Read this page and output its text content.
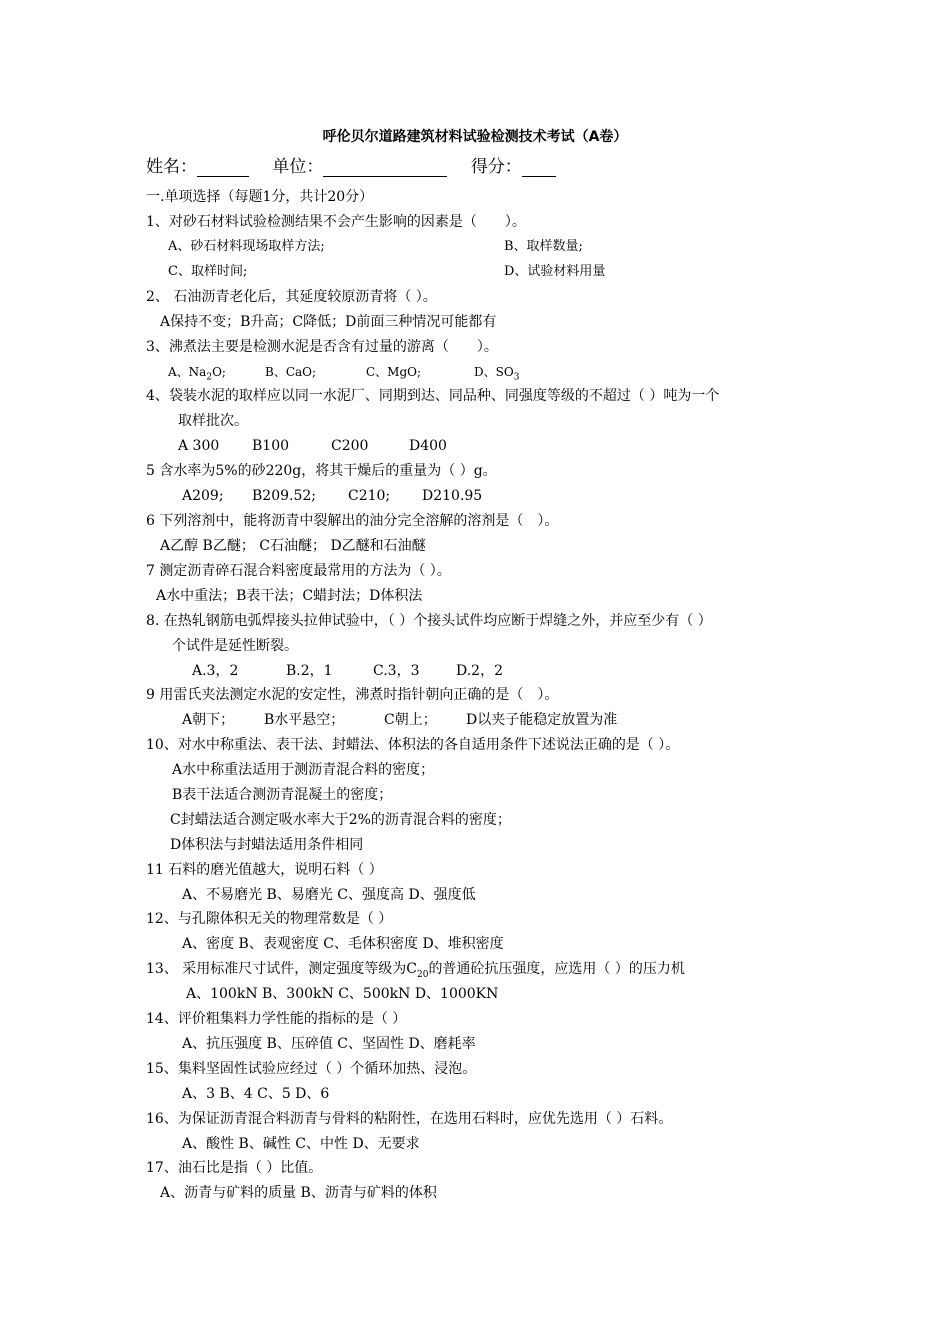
呼伦贝尔道路建筑材料试验检测技术考试（A卷）
姓名：	单位：	得分：
一.单项选择（每题1分，共计20分）
1、对砂石材料试验检测结果不会产生影响的因素是（　　）。
A、砂石材料现场取样方法;	B、取样数量;
C、取样时间;	D、试验材料用量
2、 石油沥青老化后，其延度较原沥青将（ ）。
A保持不变；B升高；C降低；D前面三种情况可能都有
3、沸煮法主要是检测水泥是否含有过量的游离（　　）。
A、$Na_2O$;	B、CaO;	C、MgO;	D、$SO_3$
4、袋装水泥的取样应以同一水泥厂、同期到达、同品种、同强度等级的不超过（ ）吨为一个
取样批次。
A 300 B100	C200	D400
5 含水率为5%的砂220g，将其干燥后的重量为（ ）g。
A209; B209.52; C210; D210.95
6 下列溶剂中，能将沥青中裂解出的油分完全溶解的溶剂是（　）。
A乙醇 B乙醚； C石油醚； D乙醚和石油醚
7 测定沥青碎石混合料密度最常用的方法为（ ）。
A水中重法；B表干法；C蜡封法；D体积法
8. 在热轧钢筋电弧焊接头拉伸试验中，（ ）个接头试件均应断于焊缝之外，并应至少有（ ）
个试件是延性断裂。
A.3，2	B.2，1	C.3，3	D.2，2
9 用雷氏夹法测定水泥的安定性，沸煮时指针朝向正确的是（　）。
A朝下； B水平悬空；	C朝上； D以夹子能稳定放置为准
10、对水中称重法、表干法、封蜡法、体积法的各自适用条件下述说法正确的是（ ）。
A水中称重法适用于测沥青混合料的密度；
B表干法适合测沥青混凝土的密度；
C封蜡法适合测定吸水率大于2%的沥青混合料的密度；
D体积法与封蜡法适用条件相同
11 石料的磨光值越大，说明石料（ ）
A、不易磨光 B、易磨光 C、强度高 D、强度低
12、与孔隙体积无关的物理常数是（ ）
A、密度 B、表观密度 C、毛体积密度 D、堆积密度
13、 采用标准尺寸试件，测定强度等级为$C_{20}$的普通砼抗压强度，应选用（ ）的压力机
A、100kN B、300kN C、500kN D、1000KN
14、评价粗集料力学性能的指标的是（ ）
A、抗压强度 B、压碎值 C、坚固性 D、磨耗率
15、集料坚固性试验应经过（ ）个循环加热、浸泡。
A、3 B、4 C、5 D、6
16、为保证沥青混合料沥青与骨料的粘附性，在选用石料时，应优先选用（ ）石料。
A、酸性 B、碱性 C、中性 D、无要求
17、油石比是指（ ）比值。
A、沥青与矿料的质量 B、沥青与矿料的体积
